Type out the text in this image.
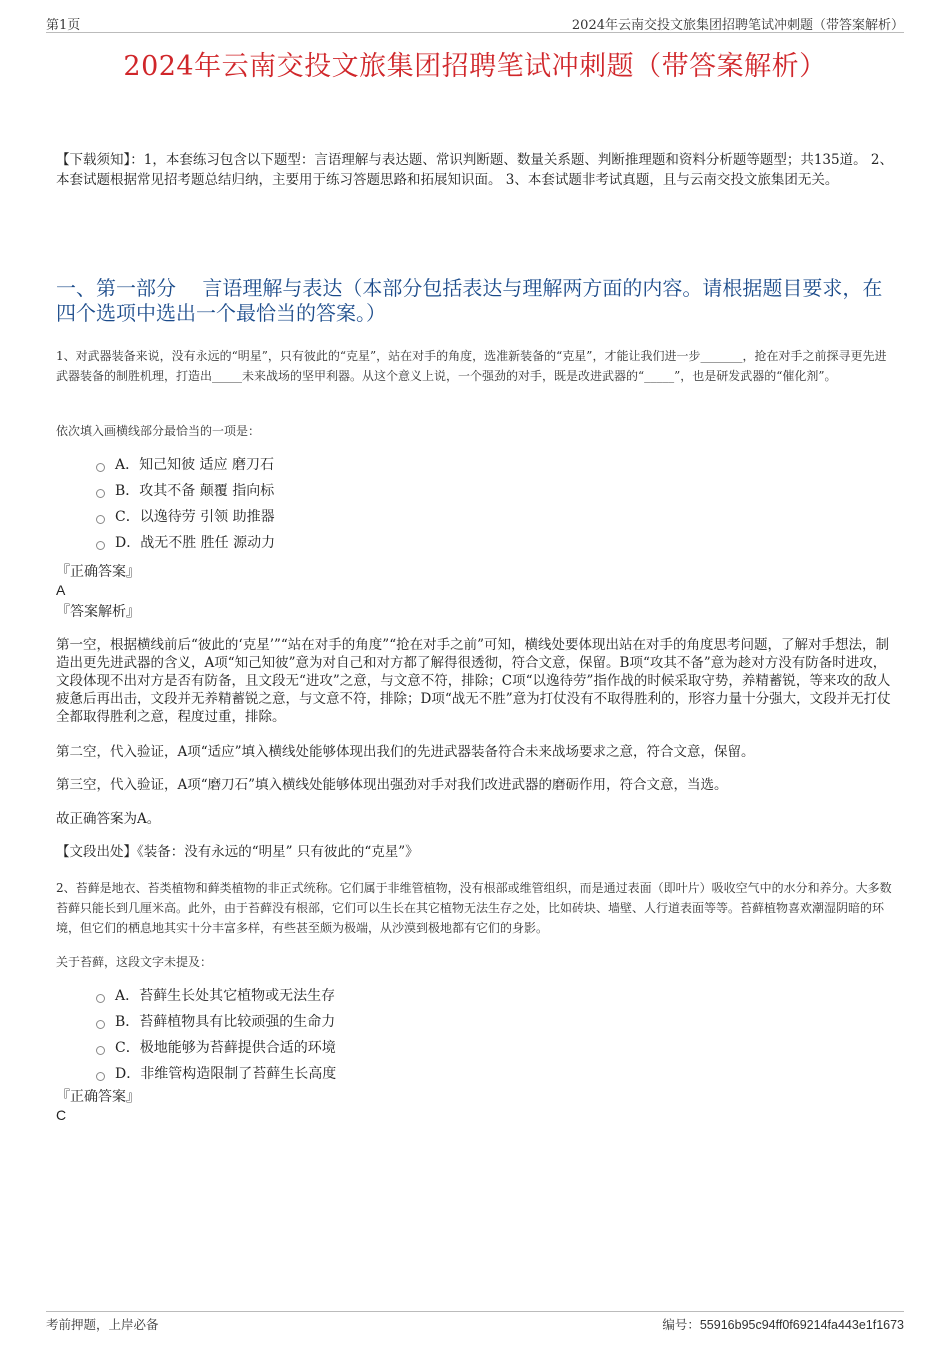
第1页	2024年云南交投文旅集团招聘笔试冲刺题（带答案解析）
2024年云南交投文旅集团招聘笔试冲刺题（带答案解析）
【下载须知】：1，本套练习包含以下题型：言语理解与表达题、常识判断题、数量关系题、判断推理题和资料分析题等题型；共135道。 2、本套试题根据常见招考题总结归纳，主要用于练习答题思路和拓展知识面。 3、本套试题非考试真题，且与云南交投文旅集团无关。
一、第一部分　 言语理解与表达（本部分包括表达与理解两方面的内容。请根据题目要求，在四个选项中选出一个最恰当的答案。）
1、对武器装备来说，没有永远的“明星”，只有彼此的“克星”，站在对手的角度，选准新装备的“克星”，才能让我们进一步_______，抢在对手之前探寻更先进武器装备的制胜机理，打造出_____未来战场的坚甲利器。从这个意义上说，一个强劲的对手，既是改进武器的“_____”，也是研发武器的“催化剂”。
依次填入画横线部分最恰当的一项是：
A．知己知彼 适应 磨刀石
B．攻其不备 颠覆 指向标
C．以逸待劳 引领 助推器
D．战无不胜 胜任 源动力
『正确答案』
A
『答案解析』
第一空，根据横线前后“彼此的‘克星’”“站在对手的角度”“抢在对手之前”可知，横线处要体现出站在对手的角度思考问题，了解对手想法，制造出更先进武器的含义，A项“知己知彼”意为对自己和对方都了解得很透彻，符合文意，保留。B项“攻其不备”意为趁对方没有防备时进攻，文段体现不出对方是否有防备，且文段无“进攻”之意，与文意不符，排除；C项“以逸待劳”指作战的时候采取守势，养精蓄锐，等来攻的敌人疲惫后再出击，文段并无养精蓄锐之意，与文意不符，排除；D项“战无不胜”意为打仗没有不取得胜利的，形容力量十分强大，文段并无打仗全都取得胜利之意，程度过重，排除。
第二空，代入验证，A项“适应”填入横线处能够体现出我们的先进武器装备符合未来战场要求之意，符合文意，保留。
第三空，代入验证，A项“磨刀石”填入横线处能够体现出强劲对手对我们改进武器的磨砺作用，符合文意，当选。
故正确答案为A。
【文段出处】《装备：没有永远的“明星” 只有彼此的“克星”》
2、苔藓是地衣、苔类植物和藓类植物的非正式统称。它们属于非维管植物，没有根部或维管组织，而是通过表面（即叶片）吸收空气中的水分和养分。大多数苔藓只能长到几厘米高。此外，由于苔藓没有根部，它们可以生长在其它植物无法生存之处，比如砖块、墙壁、人行道表面等等。苔藓植物喜欢潮湿阴暗的环境，但它们的栖息地其实十分丰富多样，有些甚至颇为极端，从沙漠到极地都有它们的身影。
关于苔藓，这段文字未提及：
A．苔藓生长处其它植物或无法生存
B．苔藓植物具有比较顽强的生命力
C．极地能够为苔藓提供合适的环境
D．非维管构造限制了苔藓生长高度
『正确答案』
C
考前押题，上岸必备	编号：55916b95c94ff0f69214fa443e1f1673
